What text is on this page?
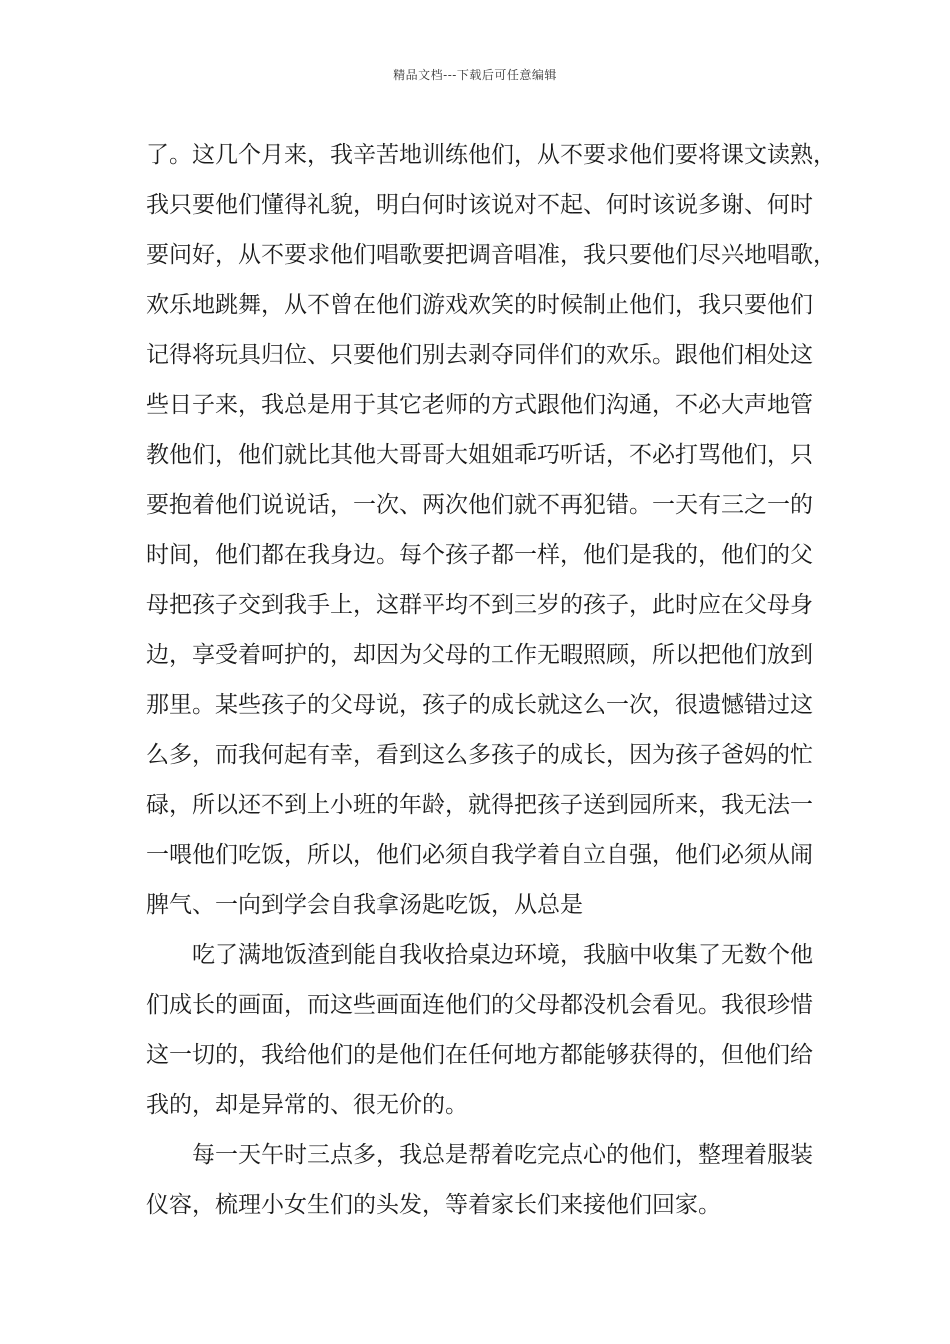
精品文档---下载后可任意编辑
了。这几个月来，我辛苦地训练他们，从不要求他们要将课文读熟，
我只要他们懂得礼貌，明白何时该说对不起、何时该说多谢、何时
要问好，从不要求他们唱歌要把调音唱准，我只要他们尽兴地唱歌，
欢乐地跳舞，从不曾在他们游戏欢笑的时候制止他们，我只要他们
记得将玩具归位、只要他们别去剥夺同伴们的欢乐。跟他们相处这
些日子来，我总是用于其它老师的方式跟他们沟通，不必大声地管
教他们，他们就比其他大哥哥大姐姐乖巧听话，不必打骂他们，只
要抱着他们说说话，一次、两次他们就不再犯错。一天有三之一的
时间，他们都在我身边。每个孩子都一样，他们是我的，他们的父
母把孩子交到我手上，这群平均不到三岁的孩子，此时应在父母身
边，享受着呵护的，却因为父母的工作无暇照顾，所以把他们放到
那里。某些孩子的父母说，孩子的成长就这么一次，很遗憾错过这
么多，而我何起有幸，看到这么多孩子的成长，因为孩子爸妈的忙
碌，所以还不到上小班的年龄，就得把孩子送到园所来，我无法一
一喂他们吃饭，所以，他们必须自我学着自立自强，他们必须从闹
脾气、一向到学会自我拿汤匙吃饭，从总是
吃了满地饭渣到能自我收拾桌边环境，我脑中收集了无数个他
们成长的画面，而这些画面连他们的父母都没机会看见。我很珍惜
这一切的，我给他们的是他们在任何地方都能够获得的，但他们给
我的，却是异常的、很无价的。
每一天午时三点多，我总是帮着吃完点心的他们，整理着服装
仪容，梳理小女生们的头发，等着家长们来接他们回家。
